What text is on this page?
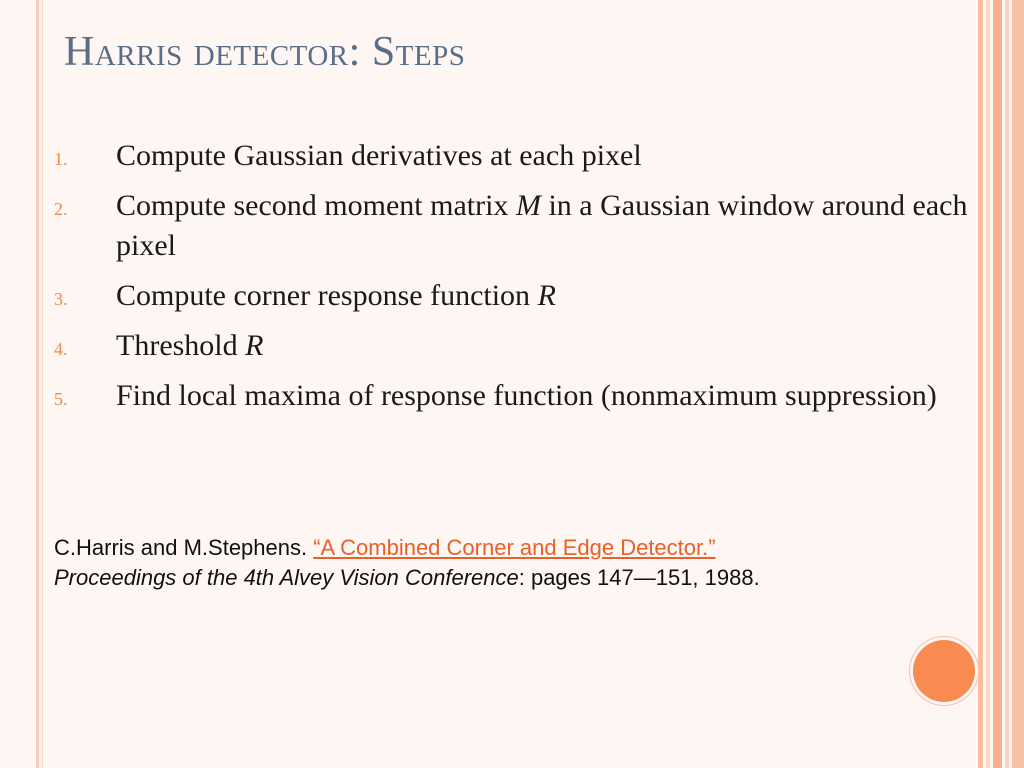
Harris detector: Steps
1. Compute Gaussian derivatives at each pixel
2. Compute second moment matrix M in a Gaussian window around each pixel
3. Compute corner response function R
4. Threshold R
5. Find local maxima of response function (nonmaximum suppression)
C.Harris and M.Stephens. “A Combined Corner and Edge Detector.”
Proceedings of the 4th Alvey Vision Conference: pages 147—151, 1988.
